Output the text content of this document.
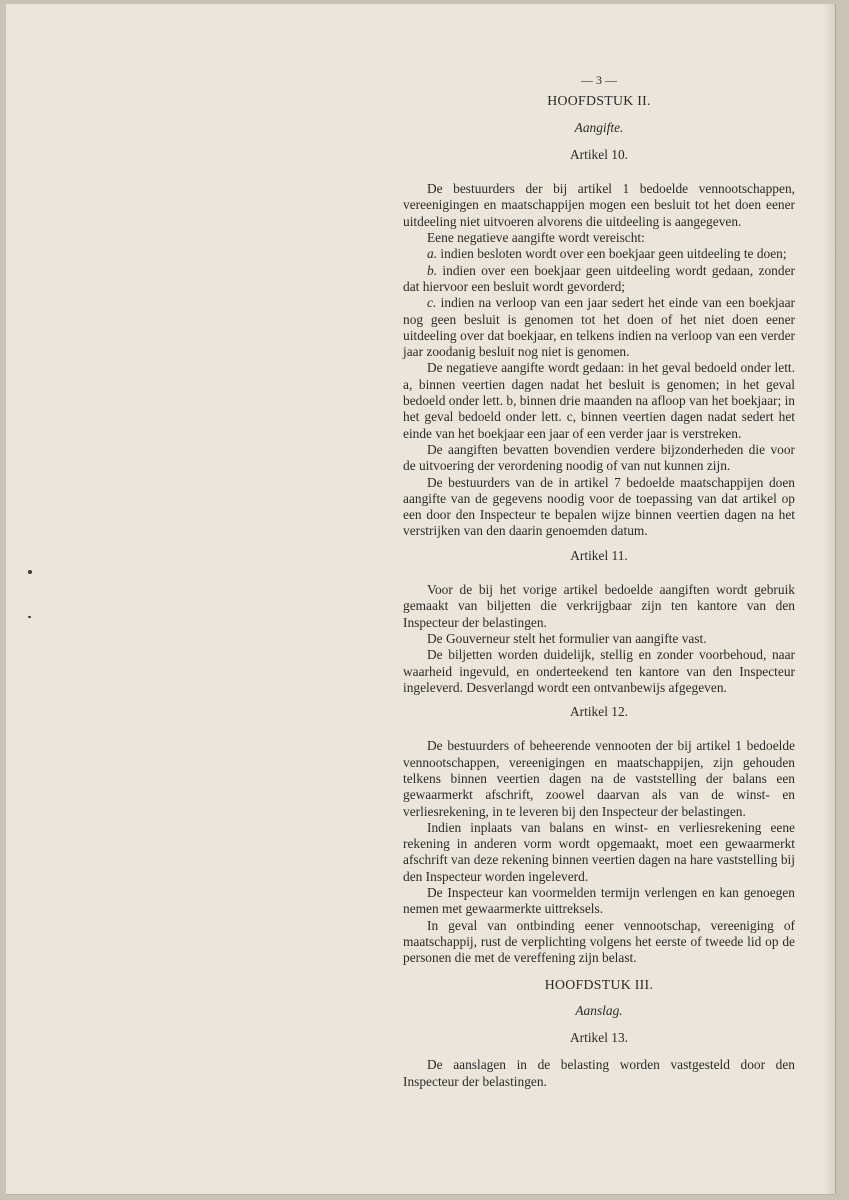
— 3 —
HOOFDSTUK II.
Aangifte.
Artikel 10.

De bestuurders der bij artikel 1 bedoelde vennootschappen, vereenigingen en maatschappijen mogen een besluit tot het doen eener uitdeeling niet uitvoeren alvorens die uitdeeling is aangegeven.

Eene negatieve aangifte wordt vereischt:

a. indien besloten wordt over een boekjaar geen uitdeeling te doen;

b. indien over een boekjaar geen uitdeeling wordt gedaan, zonder dat hiervoor een besluit wordt gevorderd;

c. indien na verloop van een jaar sedert het einde van een boekjaar nog geen besluit is genomen tot het doen of het niet doen eener uitdeeling over dat boekjaar, en telkens indien na verloop van een verder jaar zoodanig besluit nog niet is genomen.

De negatieve aangifte wordt gedaan: in het geval bedoeld onder lett. a, binnen veertien dagen nadat het besluit is genomen; in het geval bedoeld onder lett. b, binnen drie maanden na afloop van het boekjaar; in het geval bedoeld onder lett. c, binnen veertien dagen nadat sedert het einde van het boekjaar een jaar of een verder jaar is verstreken.

De aangiften bevatten bovendien verdere bijzonderheden die voor de uitvoering der verordening noodig of van nut kunnen zijn.

De bestuurders van de in artikel 7 bedoelde maatschappijen doen aangifte van de gegevens noodig voor de toepassing van dat artikel op een door den Inspecteur te bepalen wijze binnen veertien dagen na het verstrijken van den daarin genoemden datum.

Artikel 11.

Voor de bij het vorige artikel bedoelde aangiften wordt gebruik gemaakt van biljetten die verkrijgbaar zijn ten kantore van den Inspecteur der belastingen.

De Gouverneur stelt het formulier van aangifte vast.

De biljetten worden duidelijk, stellig en zonder voorbehoud, naar waarheid ingevuld, en onderteekend ten kantore van den Inspecteur ingeleverd. Desverlangd wordt een ontvanbewijs afgegeven.

Artikel 12.

De bestuurders of beheerende vennooten der bij artikel 1 bedoelde vennootschappen, vereenigingen en maatschappijen, zijn gehouden telkens binnen veertien dagen na de vaststelling der balans een gewaarmerkt afschrift, zoowel daarvan als van de winst- en verliesrekening, in te leveren bij den Inspecteur der belastingen.

Indien inplaats van balans en winst- en verliesrekening eene rekening in anderen vorm wordt opgemaakt, moet een gewaarmerkt afschrift van deze rekening binnen veertien dagen na hare vaststelling bij den Inspecteur worden ingeleverd.

De Inspecteur kan voormelden termijn verlengen en kan genoegen nemen met gewaarmerkte uittreksels.

In geval van ontbinding eener vennootschap, vereeniging of maatschappij, rust de verplichting volgens het eerste of tweede lid op de personen die met de vereffening zijn belast.

HOOFDSTUK III.
Aanslag.
Artikel 13.

De aanslagen in de belasting worden vastgesteld door den Inspecteur der belastingen.
